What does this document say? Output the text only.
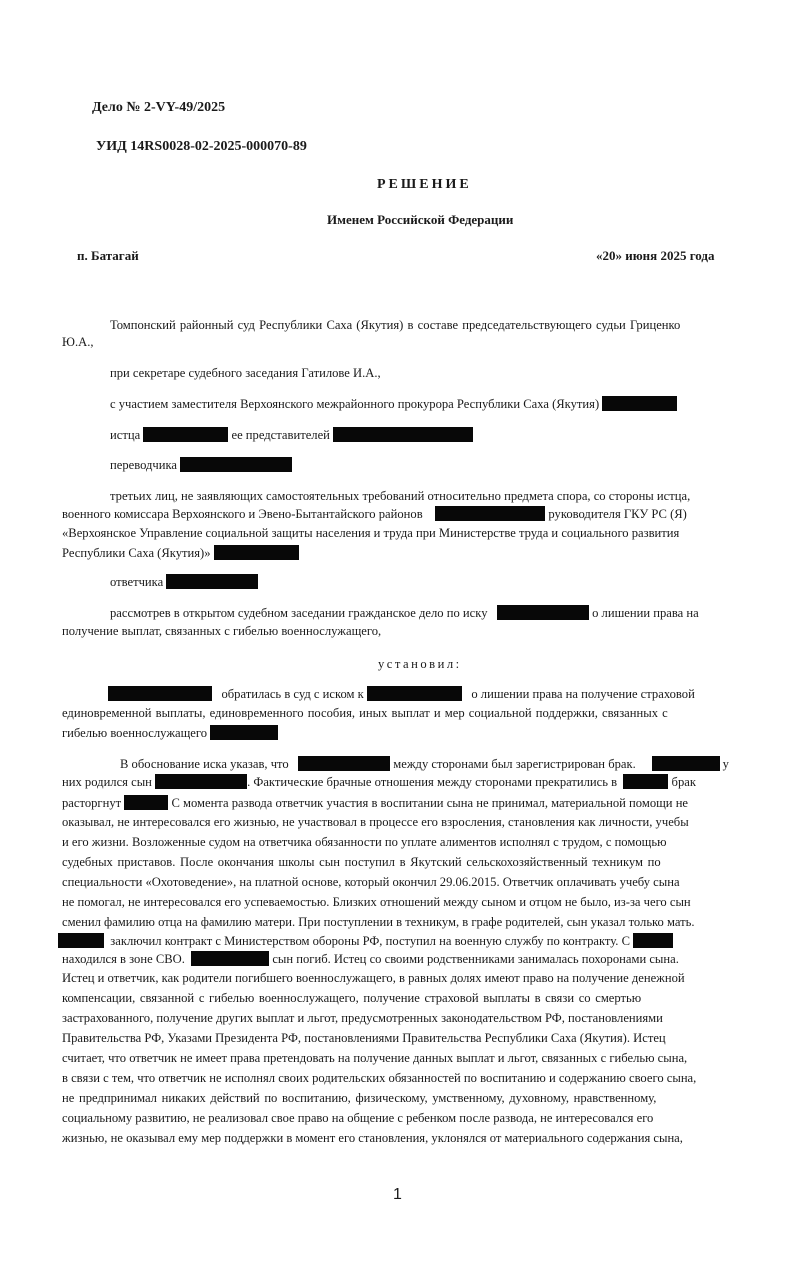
Дело № 2-VY-49/2025
УИД 14RS0028-02-2025-000070-89
РЕШЕНИЕ
Именем Российской Федерации
п. Батагай	«20» июня 2025 года
Томпонский районный суд Республики Саха (Якутия) в составе председательствующего судьи Гриценко
Ю.А.,
при секретаре судебного заседания Гатилове И.А.,
с участием заместителя Верхоянского межрайонного прокурора Республики Саха (Якутия)
истца	ее представителей
переводчика
третьих лиц, не заявляющих самостоятельных требований относительно предмета спора, со стороны истца,
военного комиссара Верхоянского и Эвено-Бытантайского районов	руководителя ГКУ РС (Я)
«Верхоянское Управление социальной защиты населения и труда при Министерстве труда и социального развития
Республики Саха (Якутия)»
ответчика
рассмотрев в открытом судебном заседании гражданское дело по иску	о лишении права на
получение выплат, связанных с гибелью военнослужащего,
установил:
обратилась в суд с иском к	о лишении права на получение страховой
единовременной выплаты, единовременного пособия, иных выплат и мер социальной поддержки, связанных с
гибелью военнослужащего
В обоснование иска указав, что	между сторонами был зарегистрирован брак.	у
них родился сын	. Фактические брачные отношения между сторонами прекратились в	брак
расторгнут	С момента развода ответчик участия в воспитании сына не принимал, материальной помощи не
оказывал, не интересовался его жизнью, не участвовал в процессе его взросления, становления как личности, учебы
и его жизни. Возложенные судом на ответчика обязанности по уплате алиментов исполнял с трудом, с помощью
судебных приставов. После окончания школы сын поступил в Якутский сельскохозяйственный техникум по
специальности «Охотоведение», на платной основе, который окончил 29.06.2015. Ответчик оплачивать учебу сына
не помогал, не интересовался его успеваемостью. Близких отношений между сыном и отцом не было, из-за чего сын
сменил фамилию отца на фамилию матери. При поступлении в техникум, в графе родителей, сын указал только мать.
заключил контракт с Министерством обороны РФ, поступил на военную службу по контракту. С
находился в зоне СВО.	сын погиб. Истец со своими родственниками занималась похоронами сына.
Истец и ответчик, как родители погибшего военнослужащего, в равных долях имеют право на получение денежной
компенсации, связанной с гибелью военнослужащего, получение страховой выплаты в связи со смертью
застрахованного, получение других выплат и льгот, предусмотренных законодательством РФ, постановлениями
Правительства РФ, Указами Президента РФ, постановлениями Правительства Республики Саха (Якутия). Истец
считает, что ответчик не имеет права претендовать на получение данных выплат и льгот, связанных с гибелью сына,
в связи с тем, что ответчик не исполнял своих родительских обязанностей по воспитанию и содержанию своего сына,
не предпринимал никаких действий по воспитанию, физическому, умственному, духовному, нравственному,
социальному развитию, не реализовал свое право на общение с ребенком после развода, не интересовался его
жизнью, не оказывал ему мер поддержки в момент его становления, уклонялся от материального содержания сына,
1
